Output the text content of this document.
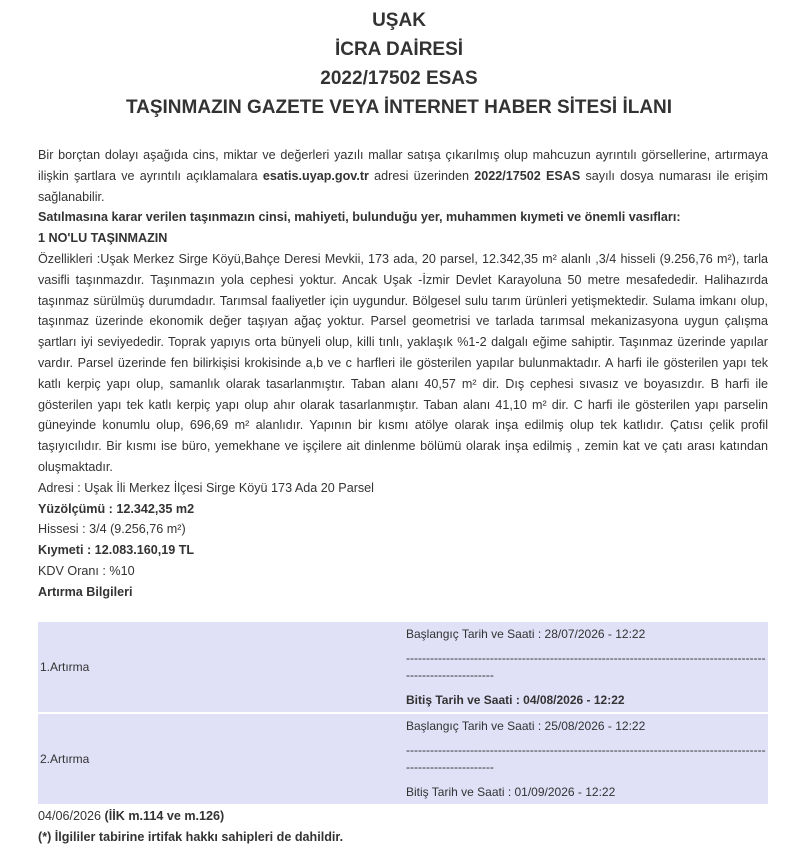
UŞAK
İCRA DAİRESİ
2022/17502 ESAS
TAŞINMAZIN GAZETE VEYA İNTERNET HABER SİTESİ İLANI
Bir borçtan dolayı aşağıda cins, miktar ve değerleri yazılı mallar satışa çıkarılmış olup mahcuzun ayrıntılı görsellerine, artırmaya ilişkin şartlara ve ayrıntılı açıklamalara esatis.uyap.gov.tr adresi üzerinden 2022/17502 ESAS sayılı dosya numarası ile erişim sağlanabilir.
Satılmasına karar verilen taşınmazın cinsi, mahiyeti, bulunduğu yer, muhammen kıymeti ve önemli vasıfları:
1 NO'LU TAŞINMAZIN
Özellikleri :Uşak Merkez Sirge Köyü,Bahçe Deresi Mevkii, 173 ada, 20 parsel, 12.342,35 m² alanlı ,3/4 hisseli (9.256,76 m²), tarla vasifli taşınmazdır. Taşınmazın yola cephesi yoktur. Ancak Uşak -İzmir Devlet Karayoluna 50 metre mesafededir. Halihazırda taşınmaz sürülmüş durumdadır. Tarımsal faaliyetler için uygundur. Bölgesel sulu tarım ürünleri yetişmektedir. Sulama imkanı olup, taşınmaz üzerinde ekonomik değer taşıyan ağaç yoktur. Parsel geometrisi ve tarlada tarımsal mekanizasyona uygun çalışma şartları iyi seviyededir. Toprak yapıyıs orta bünyeli olup, killi tınlı, yaklaşık %1-2 dalgalı eğime sahiptir. Taşınmaz üzerinde yapılar vardır. Parsel üzerinde fen bilirkişisi krokisinde a,b ve c harfleri ile gösterilen yapılar bulunmaktadır. A harfi ile gösterilen yapı tek katlı kerpiç yapı olup, samanlık olarak tasarlanmıştır. Taban alanı 40,57 m² dir. Dış cephesi sıvasız ve boyasızdır. B harfi ile gösterilen yapı tek katlı kerpiç yapı olup ahır olarak tasarlanmıştır. Taban alanı 41,10 m² dir. C harfi ile gösterilen yapı parselin güneyinde konumlu olup, 696,69 m² alanlıdır. Yapının bir kısmı atölye olarak inşa edilmiş olup tek katlıdır. Çatısı çelik profil taşıyıcılıdır. Bir kısmı ise büro, yemekhane ve işçilere ait dinlenme bölümü olarak inşa edilmiş , zemin kat ve çatı arası katından oluşmaktadır.
Adresi : Uşak İli Merkez İlçesi Sirge Köyü 173 Ada 20 Parsel
Yüzölçümü : 12.342,35 m2
Hissesi : 3/4 (9.256,76 m²)
Kıymeti : 12.083.160,19 TL
KDV Oranı : %10
Artırma Bilgileri
1.Artırma	Başlangıç Tarih ve Saati : 28/07/2026 - 12:22
----------------------------------------------------------------------------------------------------------------
Bitiş Tarih ve Saati : 04/08/2026 - 12:22

2.Artırma	Başlangıç Tarih ve Saati : 25/08/2026 - 12:22
----------------------------------------------------------------------------------------------------------------
Bitiş Tarih ve Saati : 01/09/2026 - 12:22
04/06/2026 (İİK m.114 ve m.126)
(*) İlgililer tabirine irtifak hakkı sahipleri de dahildir.
